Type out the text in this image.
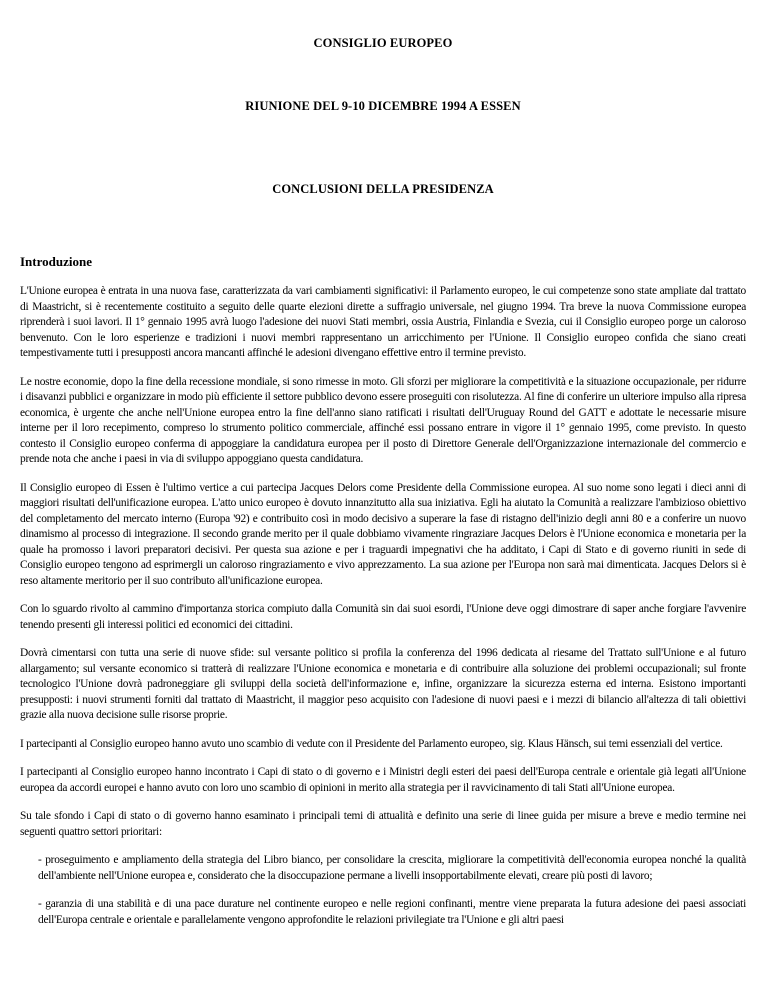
CONSIGLIO EUROPEO

RIUNIONE DEL 9-10 DICEMBRE 1994 A ESSEN

CONCLUSIONI DELLA PRESIDENZA

Introduzione

L'Unione europea è entrata in una nuova fase, caratterizzata da vari cambiamenti significativi: il Parlamento europeo, le cui competenze sono state ampliate dal trattato di Maastricht, si è recentemente costituito a seguito delle quarte elezioni dirette a suffragio universale, nel giugno 1994. Tra breve la nuova Commissione europea riprenderà i suoi lavori. Il 1° gennaio 1995 avrà luogo l'adesione dei nuovi Stati membri, ossia Austria, Finlandia e Svezia, cui il Consiglio europeo porge un caloroso benvenuto. Con le loro esperienze e tradizioni i nuovi membri rappresentano un arricchimento per l'Unione. Il Consiglio europeo confida che siano creati tempestivamente tutti i presupposti ancora mancanti affinché le adesioni divengano effettive entro il termine previsto.

Le nostre economie, dopo la fine della recessione mondiale, si sono rimesse in moto. Gli sforzi per migliorare la competitività e la situazione occupazionale, per ridurre i disavanzi pubblici e organizzare in modo più efficiente il settore pubblico devono essere proseguiti con risolutezza. Al fine di conferire un ulteriore impulso alla ripresa economica, è urgente che anche nell'Unione europea entro la fine dell'anno siano ratificati i risultati dell'Uruguay Round del GATT e adottate le necessarie misure interne per il loro recepimento, compreso lo strumento politico commerciale, affinché essi possano entrare in vigore il 1° gennaio 1995, come previsto. In questo contesto il Consiglio europeo conferma di appoggiare la candidatura europea per il posto di Direttore Generale dell'Organizzazione internazionale del commercio e prende nota che anche i paesi in via di sviluppo appoggiano questa candidatura.

Il Consiglio europeo di Essen è l'ultimo vertice a cui partecipa Jacques Delors come Presidente della Commissione europea. Al suo nome sono legati i dieci anni di maggiori risultati dell'unificazione europea. L'atto unico europeo è dovuto innanzitutto alla sua iniziativa. Egli ha aiutato la Comunità a realizzare l'ambizioso obiettivo del completamento del mercato interno (Europa '92) e contribuito così in modo decisivo a superare la fase di ristagno dell'inizio degli anni 80 e a conferire un nuovo dinamismo al processo di integrazione. Il secondo grande merito per il quale dobbiamo vivamente ringraziare Jacques Delors è l'Unione economica e monetaria per la quale ha promosso i lavori preparatori decisivi. Per questa sua azione e per i traguardi impegnativi che ha additato, i Capi di Stato e di governo riuniti in sede di Consiglio europeo tengono ad esprimergli un caloroso ringraziamento e vivo apprezzamento. La sua azione per l'Europa non sarà mai dimenticata. Jacques Delors si è reso altamente meritorio per il suo contributo all'unificazione europea.

Con lo sguardo rivolto al cammino d'importanza storica compiuto dalla Comunità sin dai suoi esordi, l'Unione deve oggi dimostrare di saper anche forgiare l'avvenire tenendo presenti gli interessi politici ed economici dei cittadini.

Dovrà cimentarsi con tutta una serie di nuove sfide: sul versante politico si profila la conferenza del 1996 dedicata al riesame del Trattato sull'Unione e al futuro allargamento; sul versante economico si tratterà di realizzare l'Unione economica e monetaria e di contribuire alla soluzione dei problemi occupazionali; sul fronte tecnologico l'Unione dovrà padroneggiare gli sviluppi della società dell'informazione e, infine, organizzare la sicurezza esterna ed interna. Esistono importanti presupposti: i nuovi strumenti forniti dal trattato di Maastricht, il maggior peso acquisito con l'adesione di nuovi paesi e i mezzi di bilancio all'altezza di tali obiettivi grazie alla nuova decisione sulle risorse proprie.

I partecipanti al Consiglio europeo hanno avuto uno scambio di vedute con il Presidente del Parlamento europeo, sig. Klaus Hänsch, sui temi essenziali del vertice.

I partecipanti al Consiglio europeo hanno incontrato i Capi di stato o di governo e i Ministri degli esteri dei paesi dell'Europa centrale e orientale già legati all'Unione europea da accordi europei e hanno avuto con loro uno scambio di opinioni in merito alla strategia per il ravvicinamento di tali Stati all'Unione europea.

Su tale sfondo i Capi di stato o di governo hanno esaminato i principali temi di attualità e definito una serie di linee guida per misure a breve e medio termine nei seguenti quattro settori prioritari:

- proseguimento e ampliamento della strategia del Libro bianco, per consolidare la crescita, migliorare la competitività dell'economia europea nonché la qualità dell'ambiente nell'Unione europea e, considerato che la disoccupazione permane a livelli insopportabilmente elevati, creare più posti di lavoro;

- garanzia di una stabilità e di una pace durature nel continente europeo e nelle regioni confinanti, mentre viene preparata la futura adesione dei paesi associati dell'Europa centrale e orientale e parallelamente vengono approfondite le relazioni privilegiate tra l'Unione e gli altri paesi
